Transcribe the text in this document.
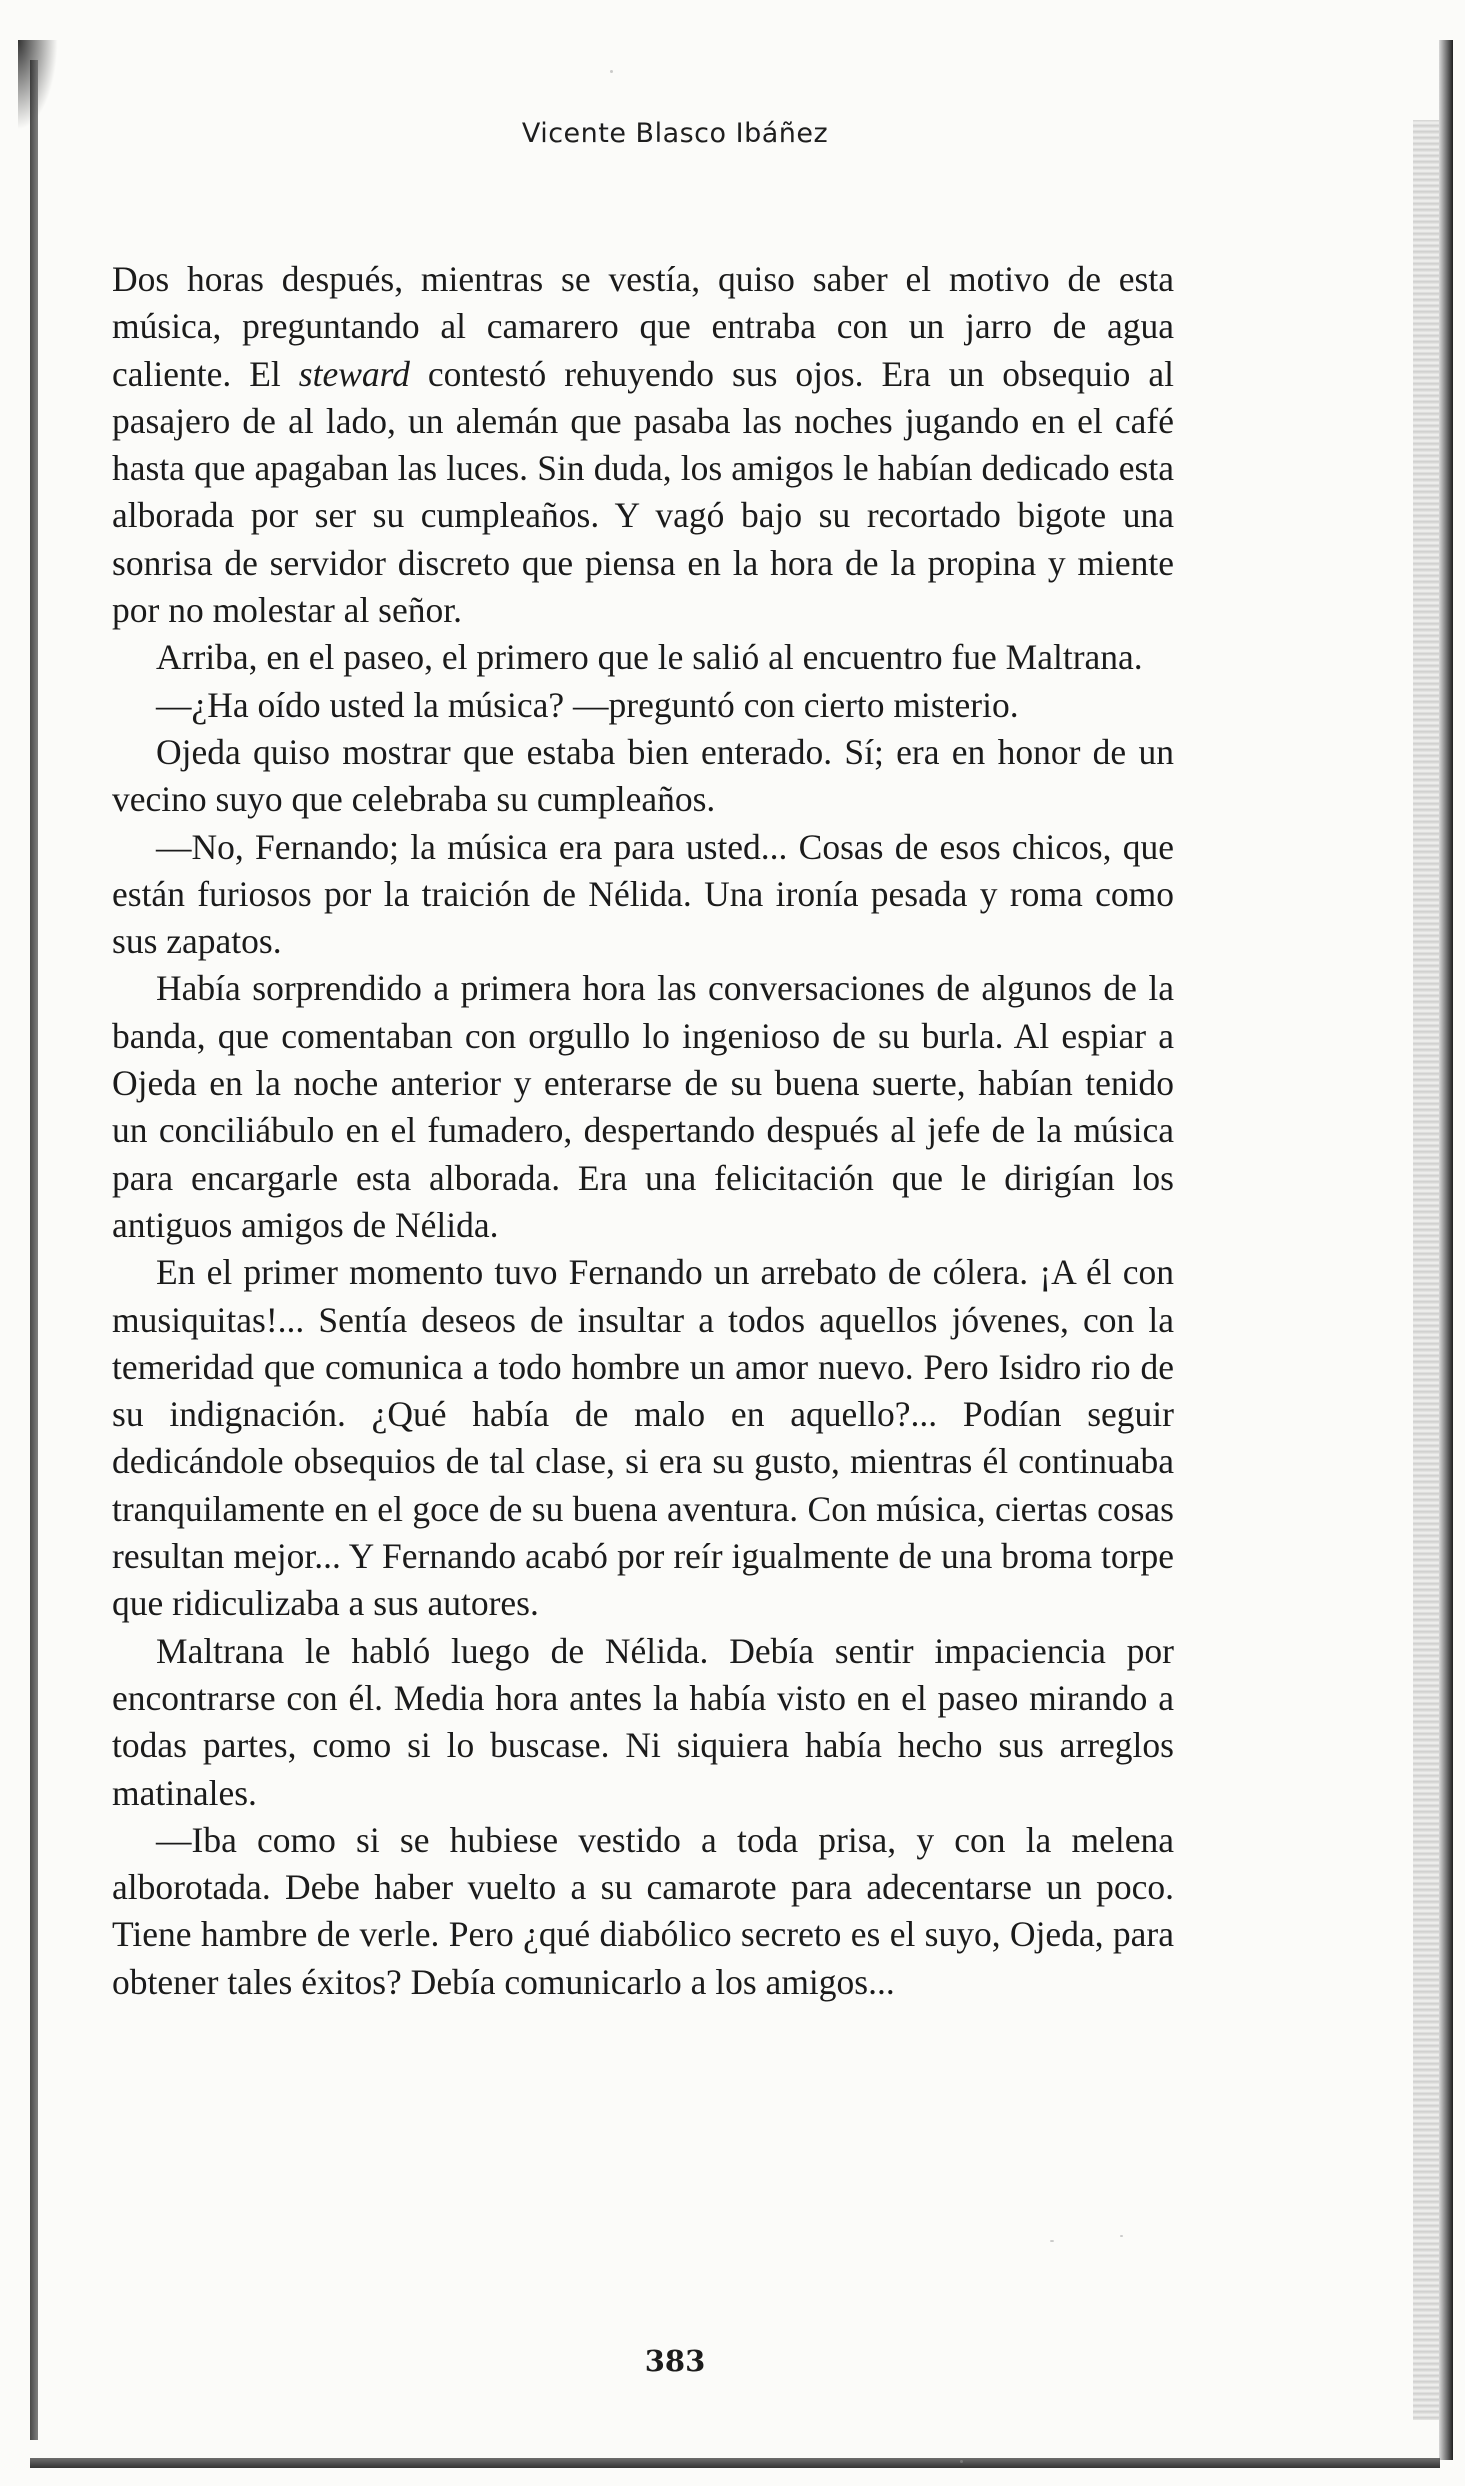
Vicente Blasco Ibáñez

Dos horas después, mientras se vestía, quiso saber el motivo de esta música, preguntando al camarero que entraba con un jarro de agua caliente. El steward contestó rehuyendo sus ojos. Era un obsequio al pasajero de al lado, un alemán que pasaba las noches jugando en el café hasta que apagaban las luces. Sin duda, los amigos le habían dedicado esta alborada por ser su cumpleaños. Y vagó bajo su recortado bigote una sonrisa de servidor discreto que piensa en la hora de la propina y miente por no molestar al señor.

Arriba, en el paseo, el primero que le salió al encuentro fue Maltrana.

—¿Ha oído usted la música? —preguntó con cierto misterio.

Ojeda quiso mostrar que estaba bien enterado. Sí; era en honor de un vecino suyo que celebraba su cumpleaños.

—No, Fernando; la música era para usted... Cosas de esos chicos, que están furiosos por la traición de Nélida. Una ironía pesada y roma como sus zapatos.

Había sorprendido a primera hora las conversaciones de algunos de la banda, que comentaban con orgullo lo ingenioso de su burla. Al espiar a Ojeda en la noche anterior y enterarse de su buena suerte, habían tenido un conciliábulo en el fumadero, despertando después al jefe de la música para encargarle esta alborada. Era una felicitación que le dirigían los antiguos amigos de Nélida.

En el primer momento tuvo Fernando un arrebato de cólera. ¡A él con musiquitas!... Sentía deseos de insultar a todos aquellos jóvenes, con la temeridad que comunica a todo hombre un amor nuevo. Pero Isidro rio de su indignación. ¿Qué había de malo en aquello?... Podían seguir dedicándole obsequios de tal clase, si era su gusto, mientras él continuaba tranquilamente en el goce de su buena aventura. Con música, ciertas cosas resultan mejor... Y Fernando acabó por reír igualmente de una broma torpe que ridiculizaba a sus autores.

Maltrana le habló luego de Nélida. Debía sentir impaciencia por encontrarse con él. Media hora antes la había visto en el paseo mirando a todas partes, como si lo buscase. Ni siquiera había hecho sus arreglos matinales.

—Iba como si se hubiese vestido a toda prisa, y con la melena alborotada. Debe haber vuelto a su camarote para adecentarse un poco. Tiene hambre de verle. Pero ¿qué diabólico secreto es el suyo, Ojeda, para obtener tales éxitos? Debía comunicarlo a los amigos...

383
